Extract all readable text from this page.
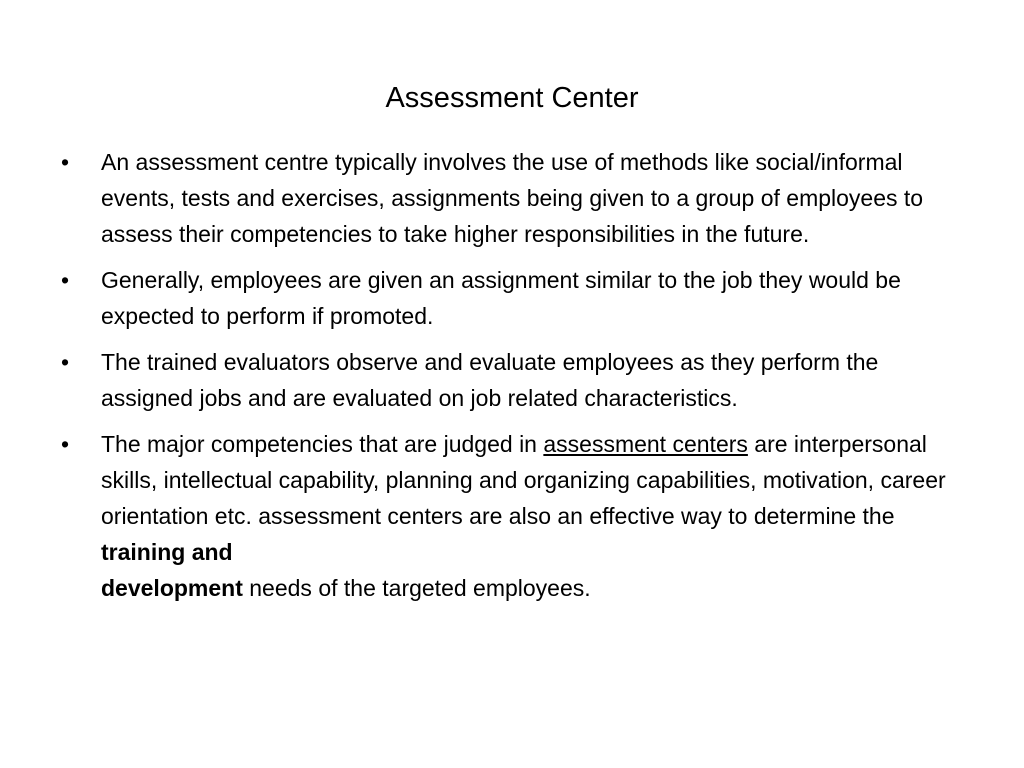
Assessment Center
• An assessment centre typically involves the use of methods like social/informal events, tests and exercises, assignments being given to a group of employees to assess their competencies to take higher responsibilities in the future.
• Generally, employees are given an assignment similar to the job they would be expected to perform if promoted.
• The trained evaluators observe and evaluate employees as they perform the assigned jobs and are evaluated on job related characteristics.
• The major competencies that are judged in assessment centers are interpersonal skills, intellectual capability, planning and organizing capabilities, motivation, career orientation etc. assessment centers are also an effective way to determine the training and
development needs of the targeted employees.
